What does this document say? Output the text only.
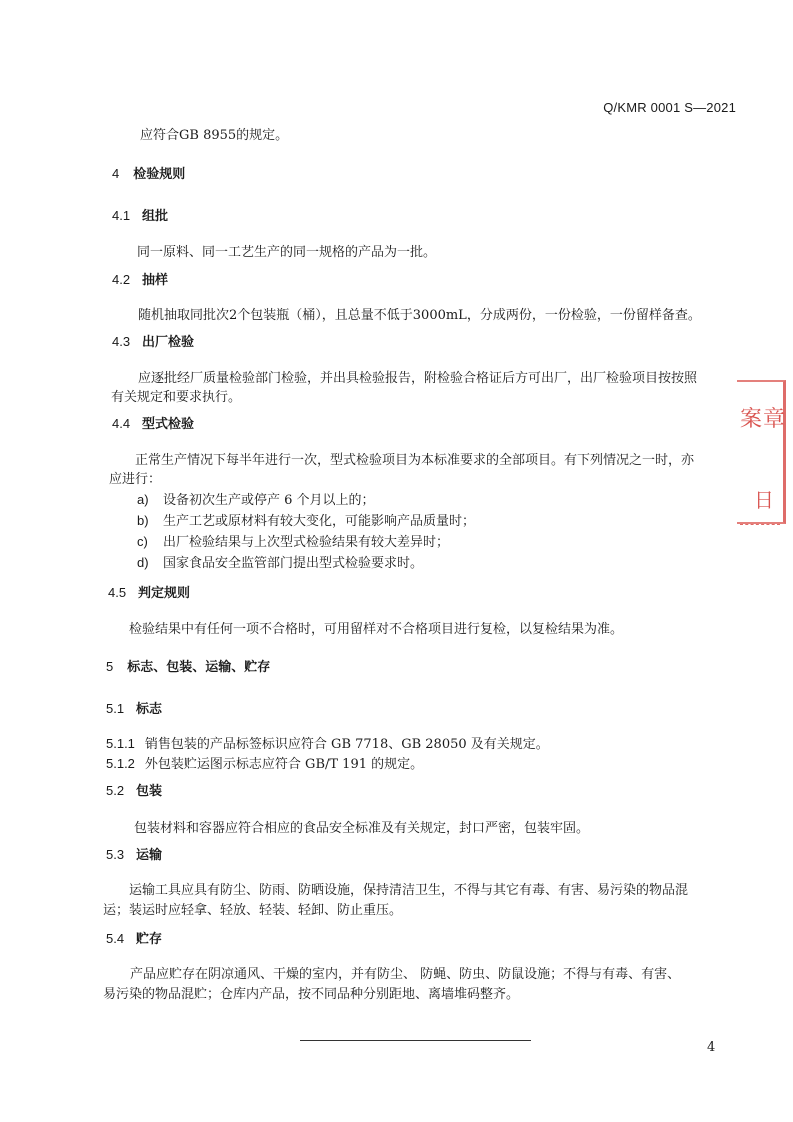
Q/KMR 0001 S—2021
应符合GB 8955的规定。
4 检验规则
4.1 组批
同一原料、同一工艺生产的同一规格的产品为一批。
4.2 抽样
随机抽取同批次2个包装瓶（桶），且总量不低于3000mL，分成两份，一份检验，一份留样备查。
4.3 出厂检验
应逐批经厂质量检验部门检验，并出具检验报告，附检验合格证后方可出厂，出厂检验项目按按照
有关规定和要求执行。
4.4 型式检验
正常生产情况下每半年进行一次，型式检验项目为本标准要求的全部项目。有下列情况之一时，亦
应进行：
a) 设备初次生产或停产 6 个月以上的；
b) 生产工艺或原材料有较大变化，可能影响产品质量时；
c) 出厂检验结果与上次型式检验结果有较大差异时；
d) 国家食品安全监管部门提出型式检验要求时。
4.5 判定规则
检验结果中有任何一项不合格时，可用留样对不合格项目进行复检，以复检结果为准。
5 标志、包装、运输、贮存
5.1 标志
5.1.1 销售包装的产品标签标识应符合 GB 7718、GB 28050 及有关规定。
5.1.2 外包装贮运图示标志应符合 GB/T 191 的规定。
5.2 包装
包装材料和容器应符合相应的食品安全标准及有关规定，封口严密，包装牢固。
5.3 运输
运输工具应具有防尘、防雨、防晒设施，保持清洁卫生，不得与其它有毒、有害、易污染的物品混
运；装运时应轻拿、轻放、轻装、轻卸、防止重压。
5.4 贮存
产品应贮存在阴凉通风、干燥的室内，并有防尘、 防蝇、防虫、防鼠设施；不得与有毒、有害、
易污染的物品混贮；仓库内产品，按不同品种分别距地、离墙堆码整齐。
4
案章
日
